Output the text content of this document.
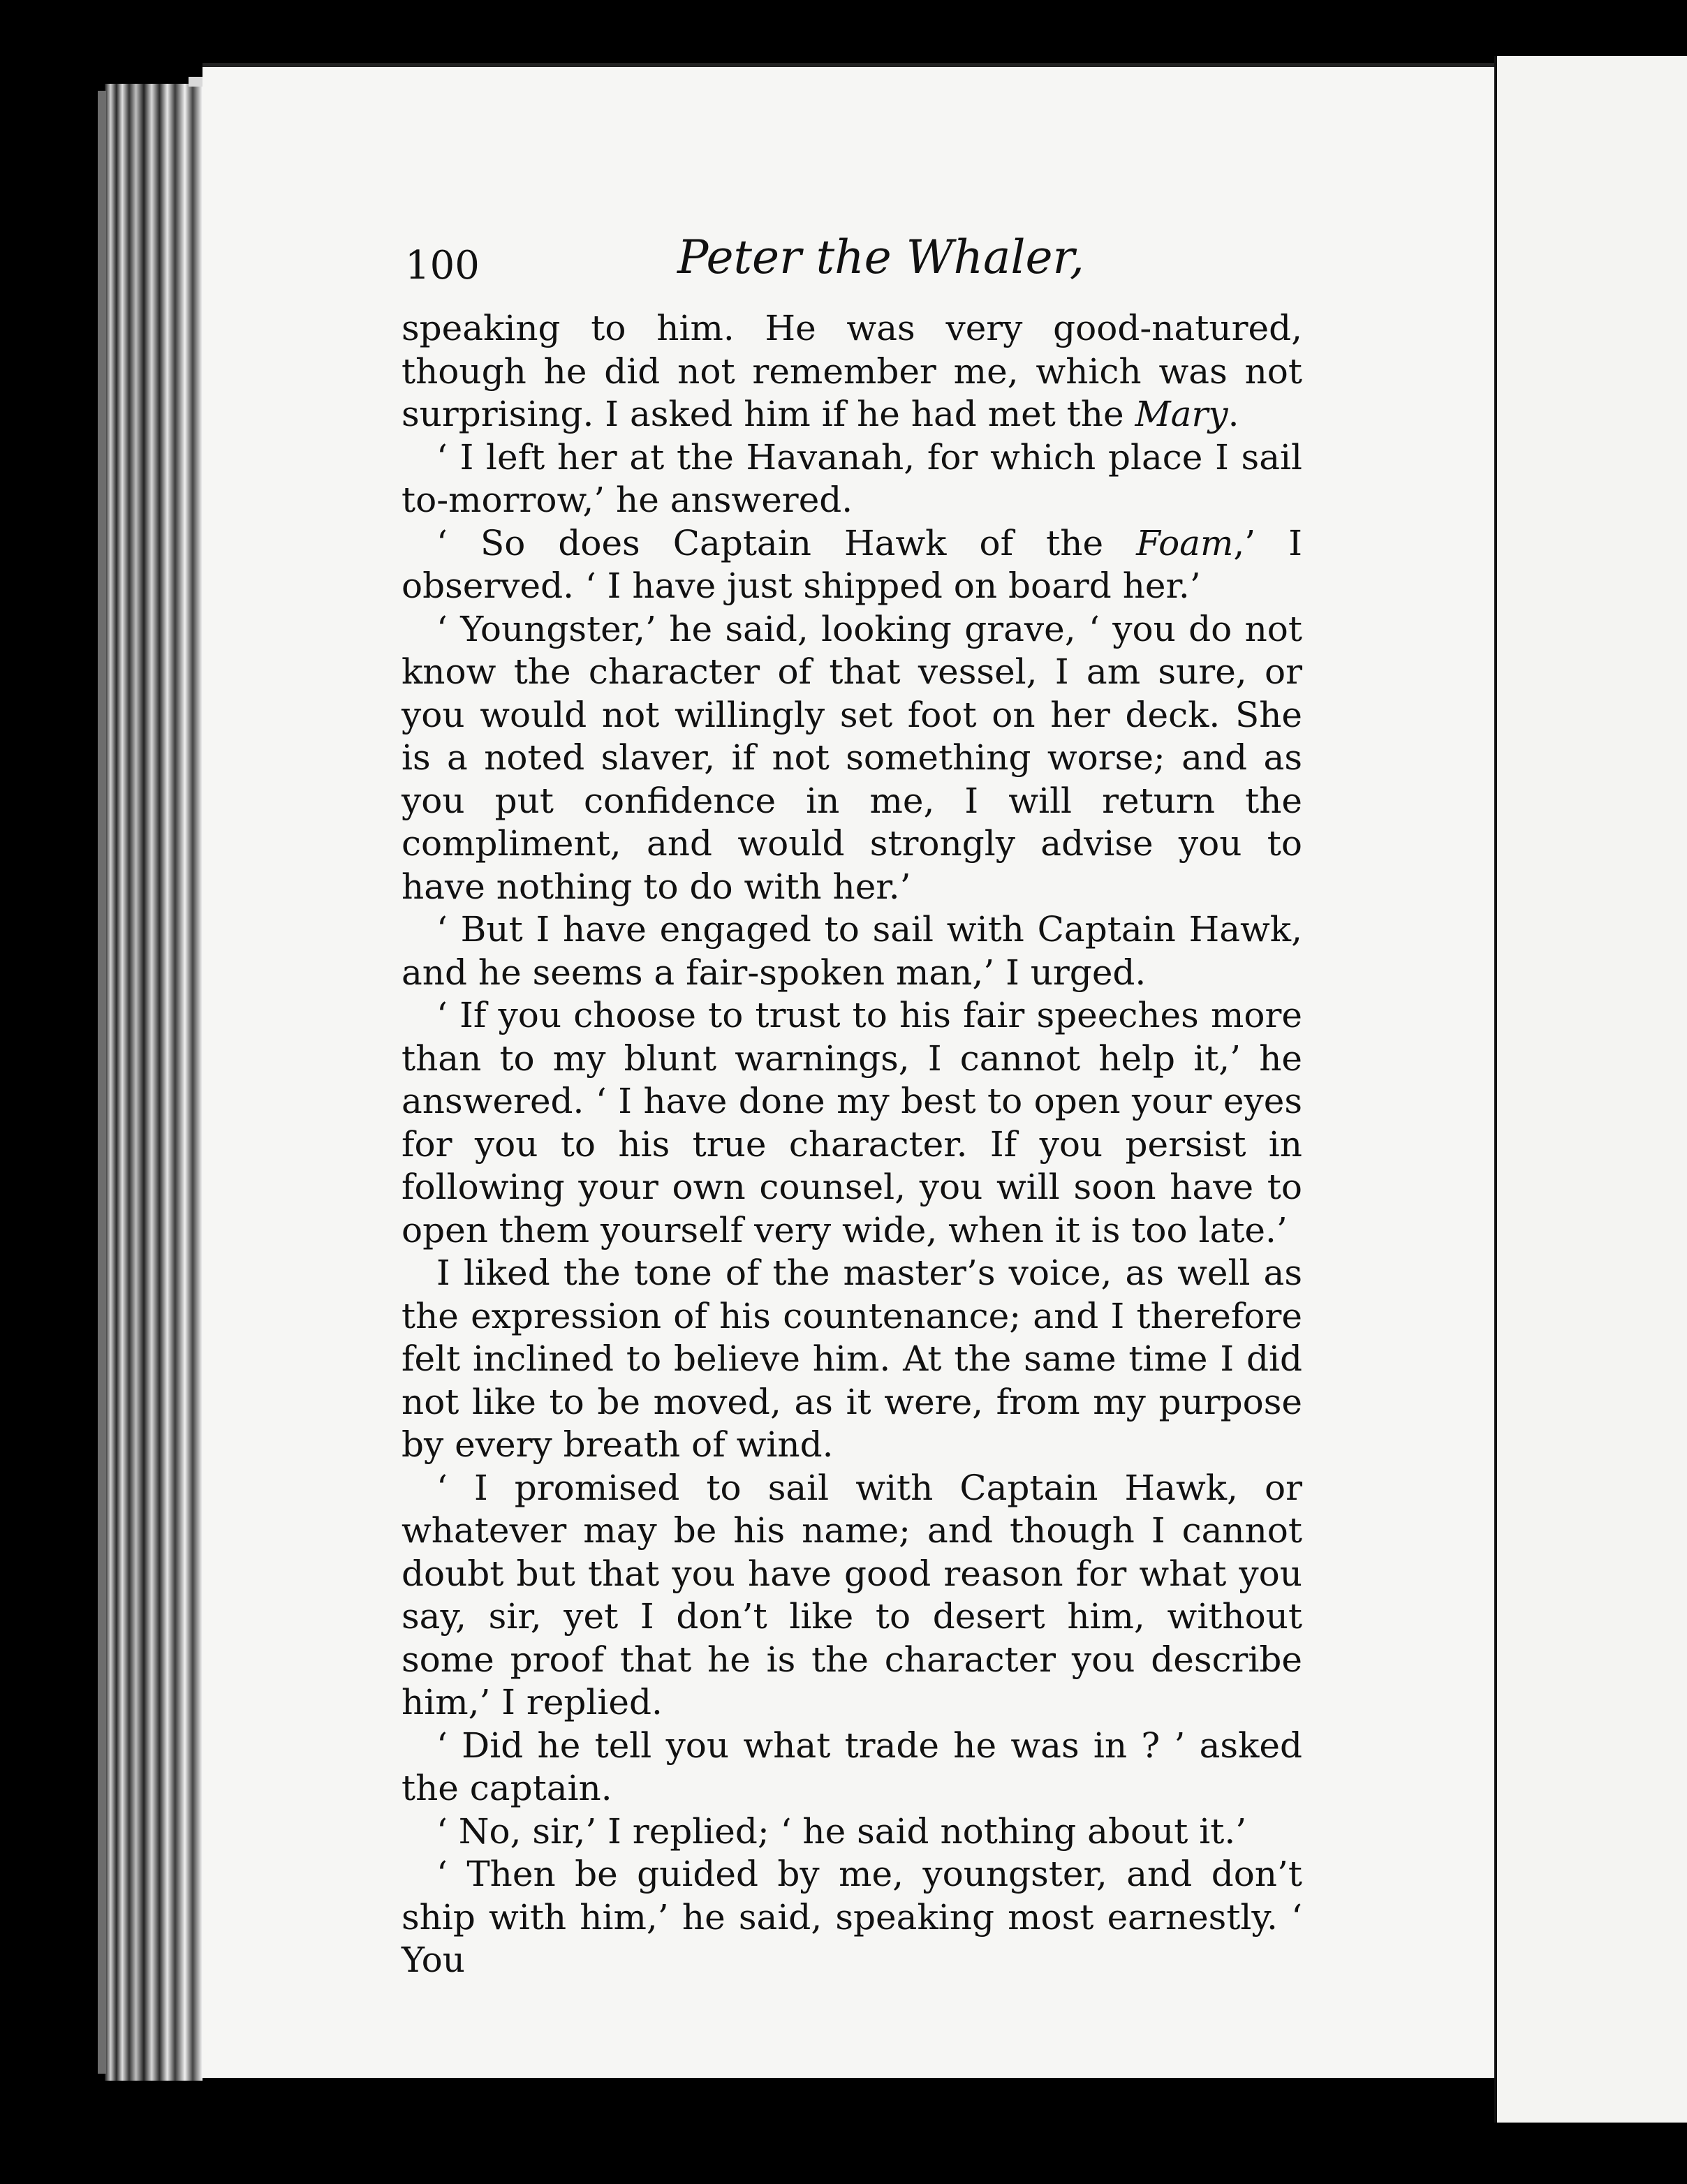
100	Peter the Whaler,

speaking to him. He was very good-natured, though he did not remember me, which was not surprising. I asked him if he had met the Mary.

‘ I left her at the Havanah, for which place I sail to-morrow,’ he answered.

‘ So does Captain Hawk of the Foam,’ I observed. ‘ I have just shipped on board her.’

‘ Youngster,’ he said, looking grave, ‘ you do not know the character of that vessel, I am sure, or you would not willingly set foot on her deck. She is a noted slaver, if not something worse; and as you put confidence in me, I will return the compliment, and would strongly advise you to have nothing to do with her.’

‘ But I have engaged to sail with Captain Hawk, and he seems a fair-spoken man,’ I urged.

‘ If you choose to trust to his fair speeches more than to my blunt warnings, I cannot help it,’ he answered. ‘ I have done my best to open your eyes for you to his true character. If you persist in following your own counsel, you will soon have to open them yourself very wide, when it is too late.’

I liked the tone of the master’s voice, as well as the expression of his countenance; and I therefore felt inclined to believe him. At the same time I did not like to be moved, as it were, from my purpose by every breath of wind.

‘ I promised to sail with Captain Hawk, or whatever may be his name; and though I cannot doubt but that you have good reason for what you say, sir, yet I don’t like to desert him, without some proof that he is the character you describe him,’ I replied.

‘ Did he tell you what trade he was in ? ’ asked the captain.

‘ No, sir,’ I replied; ‘ he said nothing about it.’

‘ Then be guided by me, youngster, and don’t ship with him,’ he said, speaking most earnestly. ‘ You
